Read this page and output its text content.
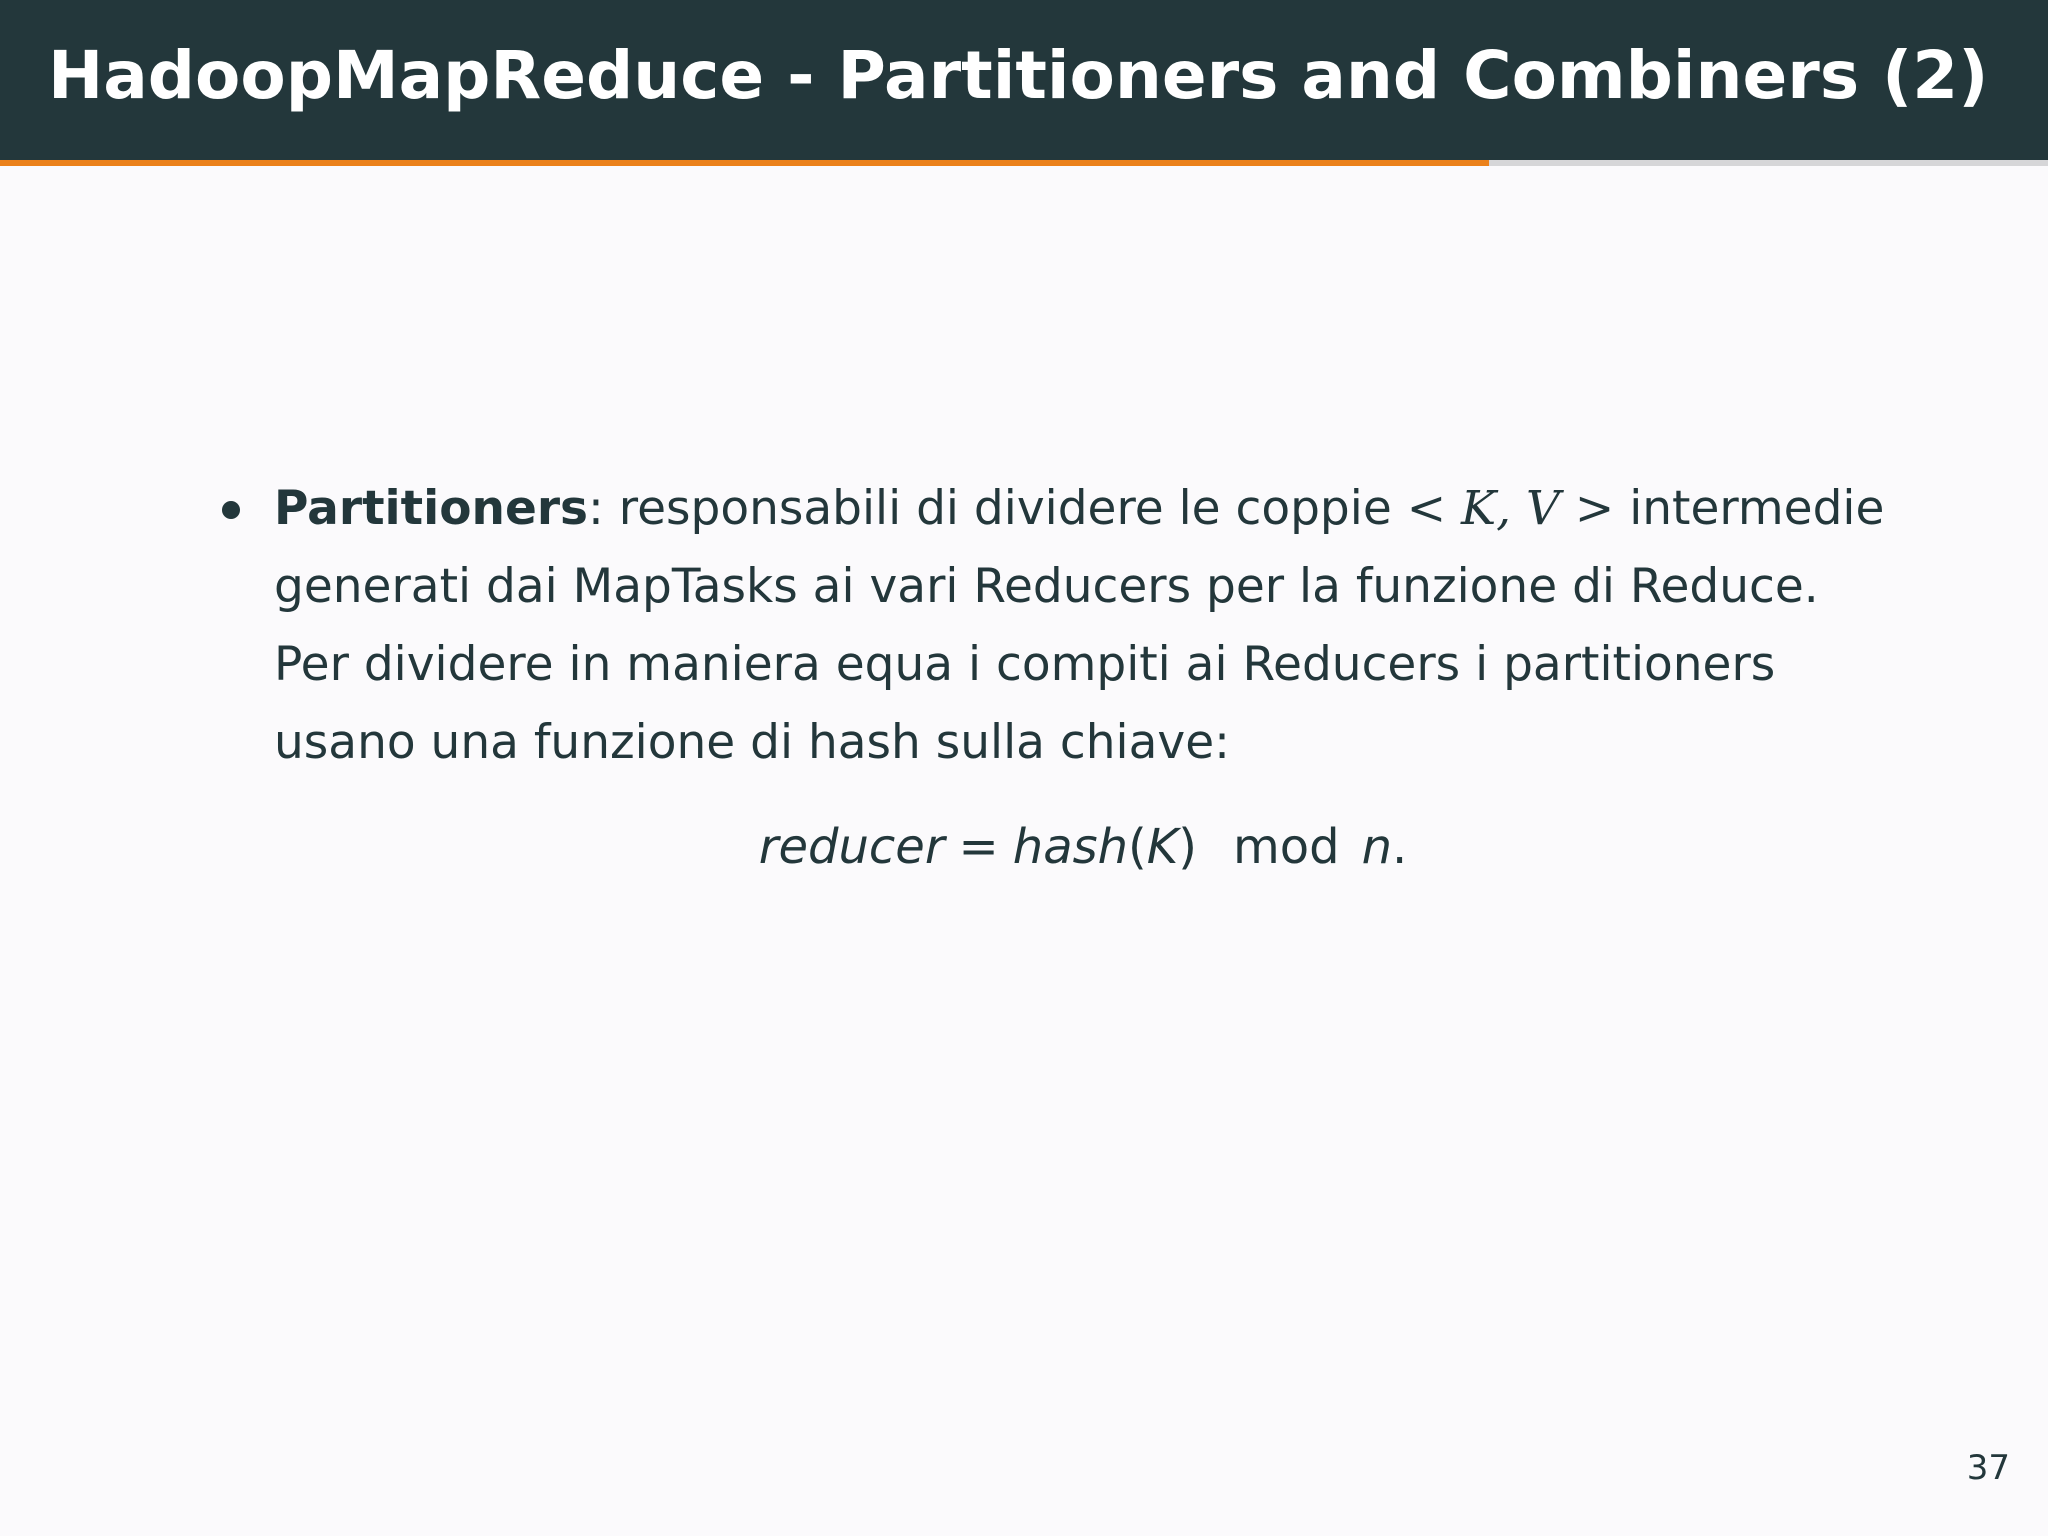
HadoopMapReduce - Partitioners and Combiners (2)
Partitioners: responsabili di dividere le coppie < K, V > intermedie generati dai MapTasks ai vari Reducers per la funzione di Reduce. Per dividere in maniera equa i compiti ai Reducers i partitioners usano una funzione di hash sulla chiave:
reducer = hash(K) mod n.
37
